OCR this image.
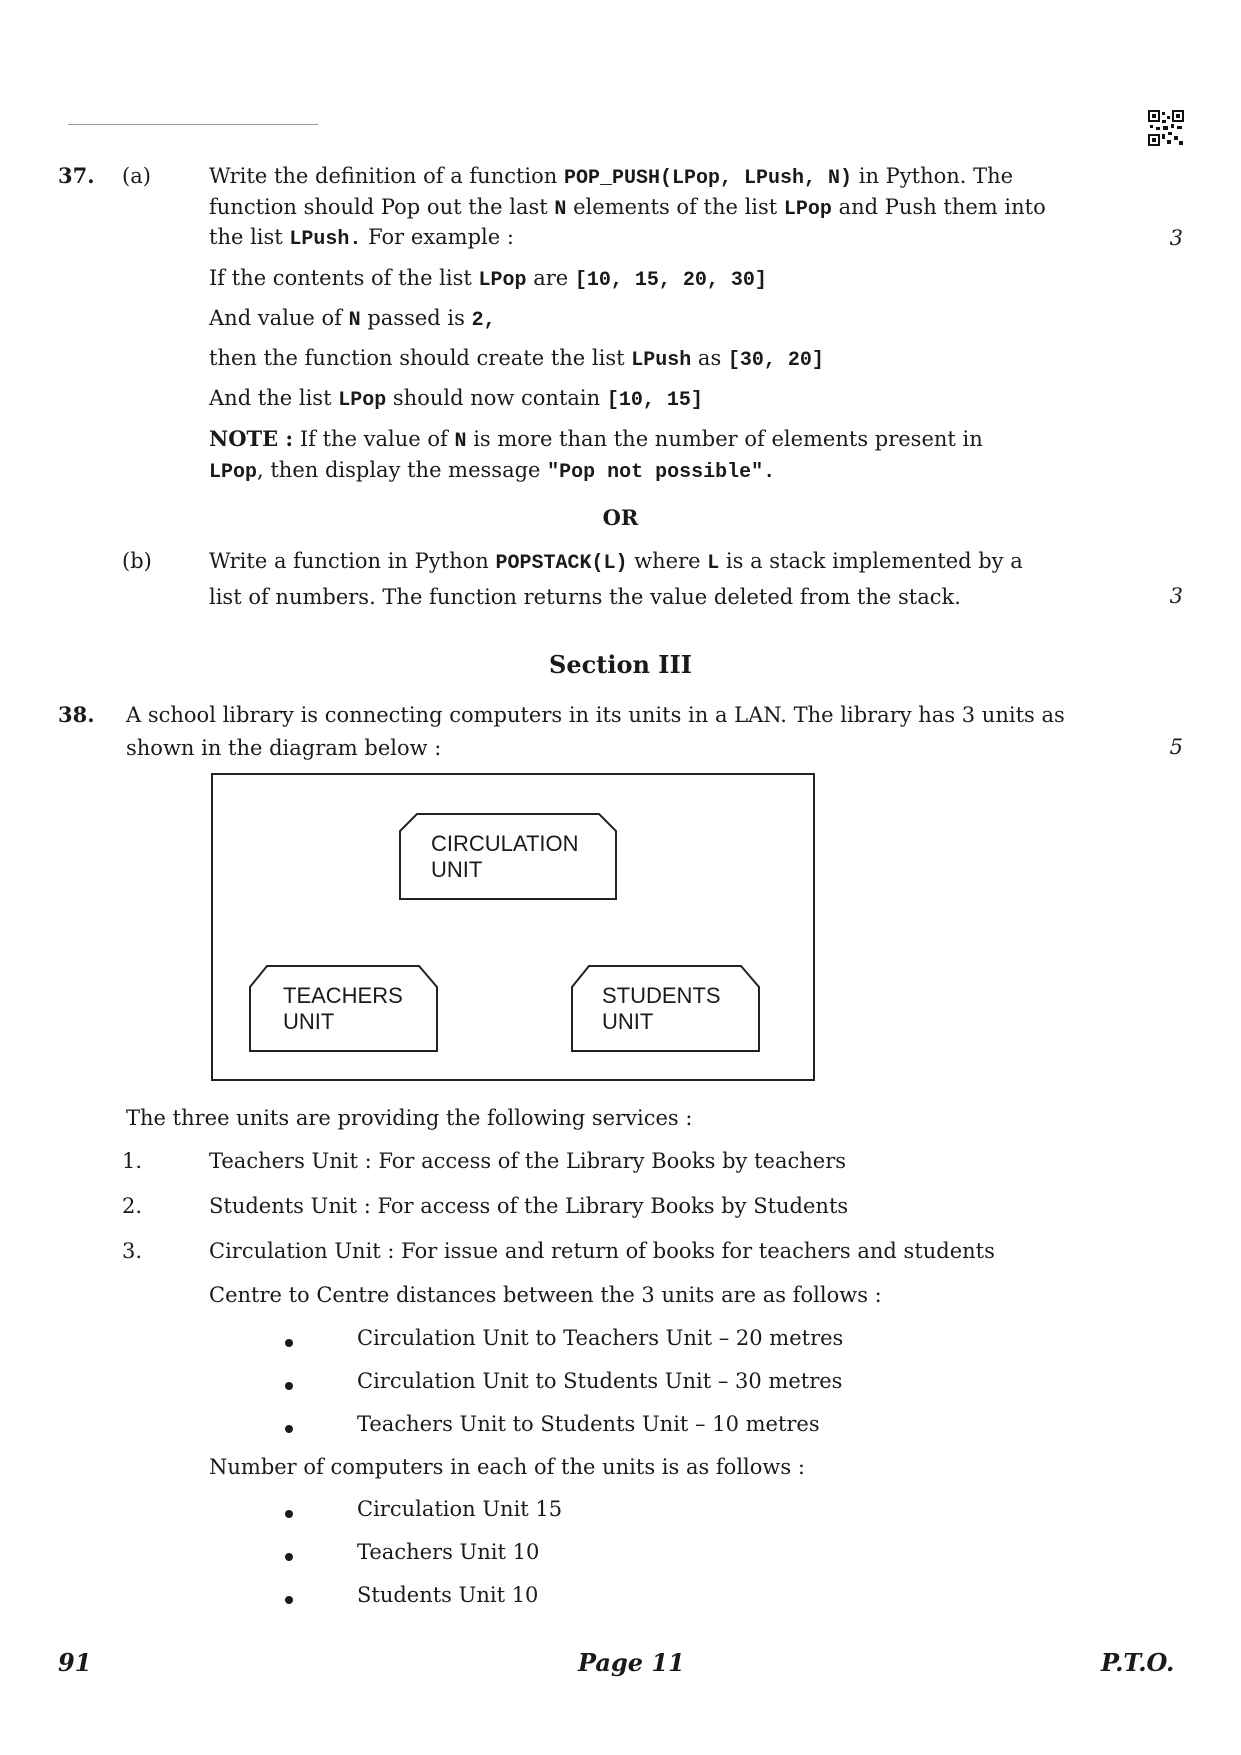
37. (a)	Write the definition of a function POP_PUSH(LPop, LPush, N) in Python. The
function should Pop out the last N elements of the list LPop and Push them into
the list LPush. For example :	3
If the contents of the list LPop are [10, 15, 20, 30]
And value of N passed is 2,
then the function should create the list LPush as [30, 20]
And the list LPop should now contain [10, 15]
NOTE : If the value of N is more than the number of elements present in
LPop, then display the message "Pop not possible".
OR
(b)	Write a function in Python POPSTACK(L) where L is a stack implemented by a
list of numbers. The function returns the value deleted from the stack.	3
Section III
38. A school library is connecting computers in its units in a LAN. The library has 3 units as
shown in the diagram below :	5
CIRCULATION
UNIT
TEACHERS
UNIT
STUDENTS
UNIT
The three units are providing the following services :
1.	Teachers Unit : For access of the Library Books by teachers
2.	Students Unit : For access of the Library Books by Students
3.	Circulation Unit : For issue and return of books for teachers and students
Centre to Centre distances between the 3 units are as follows :
Circulation Unit to Teachers Unit – 20 metres
Circulation Unit to Students Unit – 30 metres
Teachers Unit to Students Unit – 10 metres
Number of computers in each of the units is as follows :
Circulation Unit 15
Teachers Unit 10
Students Unit 10
91	Page 11	P.T.O.
